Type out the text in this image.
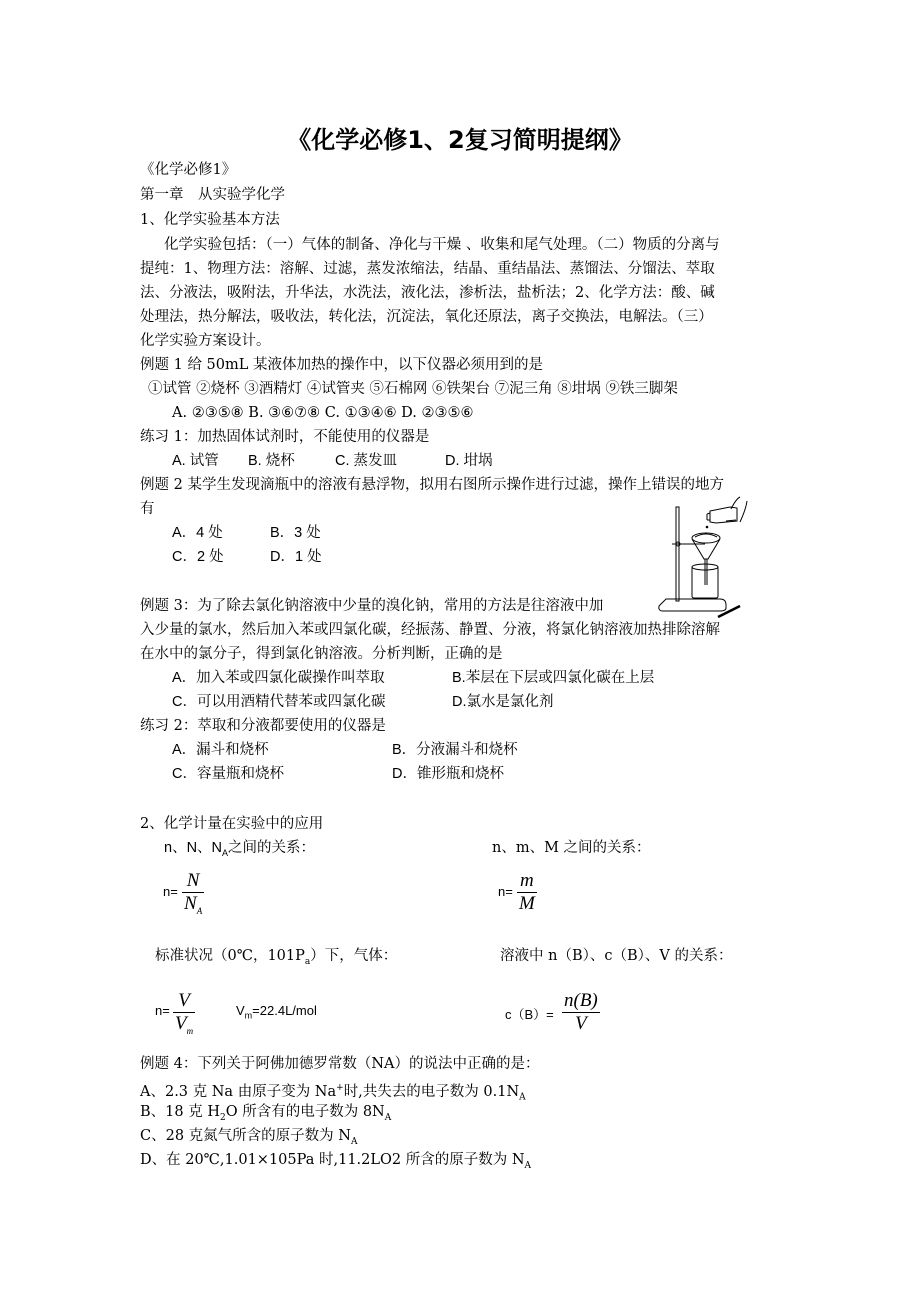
《化学必修1、2复习简明提纲》
《化学必修1》
第一章　从实验学化学
1、化学实验基本方法
化学实验包括：（一）气体的制备、净化与干燥 、收集和尾气处理。（二）物质的分离与
提纯：1、物理方法：溶解、过滤，蒸发浓缩法，结晶、重结晶法、蒸馏法、分馏法、萃取
法、分液法，吸附法，升华法，水洗法，液化法，渗析法，盐析法；2、化学方法：酸、碱
处理法，热分解法，吸收法，转化法，沉淀法，氧化还原法，离子交换法，电解法。（三）
化学实验方案设计。
例题 1 给 50mL 某液体加热的操作中，以下仪器必须用到的是
①试管 ②烧杯 ③酒精灯 ④试管夹 ⑤石棉网 ⑥铁架台 ⑦泥三角 ⑧坩埚 ⑨铁三脚架
A. ②③⑤⑧ B. ③⑥⑦⑧ C. ①③④⑥ D. ②③⑤⑥
练习 1：加热固体试剂时，不能使用的仪器是
A. 试管 B. 烧杯	C. 蒸发皿	D. 坩埚
例题 2 某学生发现滴瓶中的溶液有悬浮物，拟用右图所示操作进行过滤，操作上错误的地方
有
A．4 处	B．3 处
C．2 处	D．1 处
例题 3：为了除去氯化钠溶液中少量的溴化钠，常用的方法是往溶液中加
入少量的氯水，然后加入苯或四氯化碳，经振荡、静置、分液，将氯化钠溶液加热排除溶解
在水中的氯分子，得到氯化钠溶液。分析判断，正确的是
A．加入苯或四氯化碳操作叫萃取	B.苯层在下层或四氯化碳在上层
C．可以用酒精代替苯或四氯化碳	D.氯水是氯化剂
练习 2：萃取和分液都要使用的仪器是
A．漏斗和烧杯	B．分液漏斗和烧杯
C．容量瓶和烧杯	D．锥形瓶和烧杯
2、化学计量在实验中的应用
n、N、$N_A$之间的关系：	n、m、M 之间的关系：
n=
N
$N_A$
n=
m
M
标准状况（0℃，$101P_a$）下，气体：	溶液中 n（B）、c（B）、V 的关系：
n= V
$V_m$
$V_m=22.4L$/mol	c（B）=
n(B)
V
例题 4：下列关于阿佛加德罗常数（NA）的说法中正确的是：
A、2.3 克 Na 由原子变为 Na+时,共失去的电子数为 $0.1N_A$
B、18 克 $H_2O$ 所含有的电子数为 $8N_A$
C、28 克氮气所含的原子数为 $N_A$
D、在 20℃,1.01×105Pa 时,11.2LO2 所含的原子数为 $N_A$
